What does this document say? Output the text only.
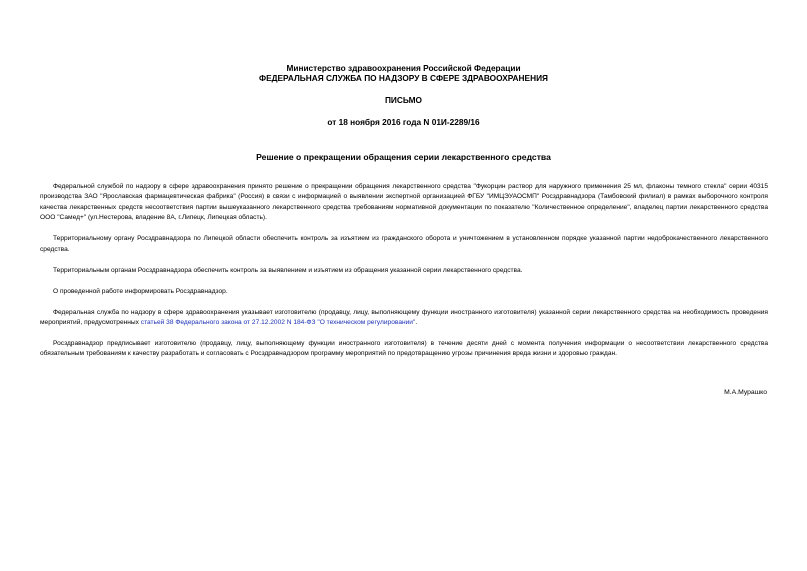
Министерство здравоохранения Российской Федерации
ФЕДЕРАЛЬНАЯ СЛУЖБА ПО НАДЗОРУ В СФЕРЕ ЗДРАВООХРАНЕНИЯ
ПИСЬМО
от 18 ноября 2016 года N 01И-2289/16
Решение о прекращении обращения серии лекарственного средства

Федеральной службой по надзору в сфере здравоохранения принято решение о прекращении обращения лекарственного средства "Фукорцин раствор для наружного применения 25 мл, флаконы темного стекла" серии 40315 производства ЗАО "Ярославская фармацевтическая фабрика" (Россия) в связи с информацией о выявлении экспертной организацией ФГБУ "ИМЦЭУАОСМП" Росздравнадзора (Тамбовский филиал) в рамках выборочного контроля качества лекарственных средств несоответствия партии вышеуказанного лекарственного средства требованиям нормативной документации по показателю "Количественное определение", владелец партии лекарственного средства ООО "Самед+" (ул.Нестерова, владение 8А, г.Липецк, Липецкая область).

Территориальному органу Росздравнадзора по Липецкой области обеспечить контроль за изъятием из гражданского оборота и уничтожением в установленном порядке указанной партии недоброкачественного лекарственного средства.

Территориальным органам Росздравнадзора обеспечить контроль за выявлением и изъятием из обращения указанной серии лекарственного средства.

О проведенной работе информировать Росздравнадзор.

Федеральная служба по надзору в сфере здравоохранения указывает изготовителю (продавцу, лицу, выполняющему функции иностранного изготовителя) указанной серии лекарственного средства на необходимость проведения мероприятий, предусмотренных статьей 38 Федерального закона от 27.12.2002 N 184-ФЗ "О техническом регулировании".

Росздравнадзор предписывает изготовителю (продавцу, лицу, выполняющему функции иностранного изготовителя) в течение десяти дней с момента получения информации о несоответствии лекарственного средства обязательным требованиям к качеству разработать и согласовать с Росздравнадзором программу мероприятий по предотвращению угрозы причинения вреда жизни и здоровью граждан.

М.А.Мурашко
